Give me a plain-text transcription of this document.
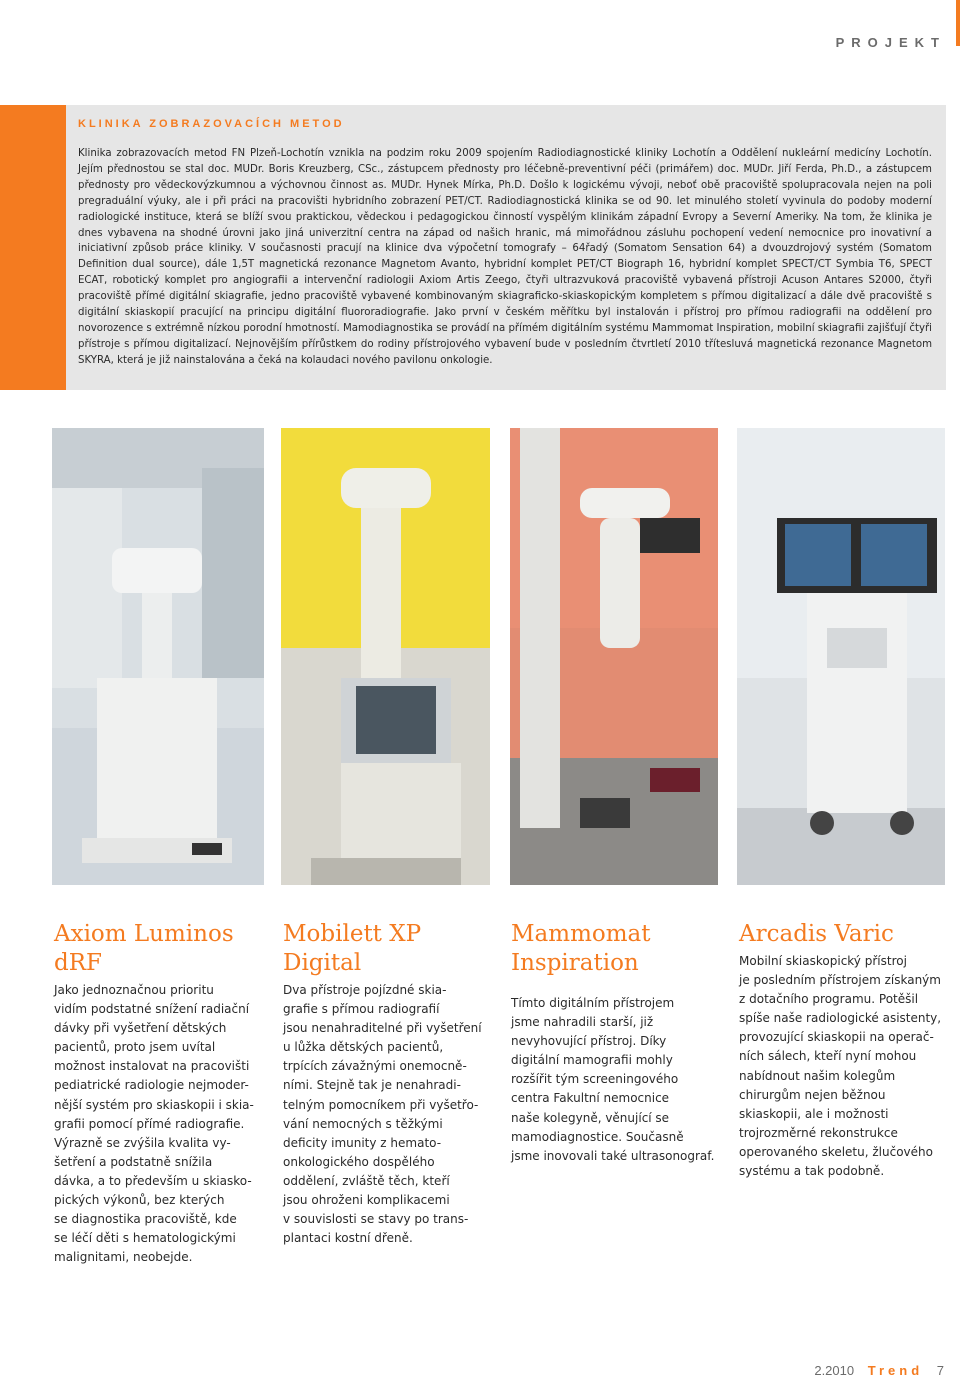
PROJEKT
KLINIKA ZOBRAZOVACÍCH METOD

Klinika zobrazovacích metod FN Plzeň-Lochotín vznikla na podzim roku 2009 spojením Radiodiagnostické kliniky Lochotín a Oddělení nukleární medicíny Lochotín. Jejím přednostou se stal doc. MUDr. Boris Kreuzberg, CSc., zástupcem přednosty pro léčebně-preventivní péči (primářem) doc. MUDr. Jiří Ferda, Ph.D., a zástupcem přednosty pro vědeckovýzkumnou a výchovnou činnost as. MUDr. Hynek Mírka, Ph.D. Došlo k logickému vývoji, neboť obě pracoviště spolupracovala nejen na poli pregraduální výuky, ale i při práci na pracovišti hybridního zobrazení PET/CT. Radiodiagnostická klinika se od 90. let minulého století vyvinula do podoby moderní radiologické instituce, která se blíží svou praktickou, vědeckou i pedagogickou činností vyspělým klinikám západní Evropy a Severní Ameriky. Na tom, že klinika je dnes vybavena na shodné úrovni jako jiná univerzitní centra na západ od našich hranic, má mimořádnou zásluhu pochopení vedení nemocnice pro inovativní a iniciativní způsob práce kliniky. V současnosti pracují na klinice dva výpočetní tomografy – 64řadý (Somatom Sensation 64) a dvouzdrojový systém (Somatom Definition dual source), dále 1,5T magnetická rezonance Magnetom Avanto, hybridní komplet PET/CT Biograph 16, hybridní komplet SPECT/CT Symbia T6, SPECT ECAT, robotický komplet pro angiografii a intervenční radiologii Axiom Artis Zeego, čtyři ultrazvuková pracoviště vybavená přístroji Acuson Antares S2000, čtyři pracoviště přímé digitální skiagrafie, jedno pracoviště vybavené kombinovaným skiagraficko-skiaskopickým kompletem s přímou digitalizací a dále dvě pracoviště s digitální skiaskopií pracující na principu digitální fluororadiografie. Jako první v českém měřítku byl instalován i přístroj pro přímou radiografii na oddělení pro novorozence s extrémně nízkou porodní hmotností. Mamodiagnostika se provádí na přímém digitálním systému Mammomat Inspiration, mobilní skiagrafii zajišťují čtyři přístroje s přímou digitalizací. Nejnovějším přírůstkem do rodiny přístrojového vybavení bude v posledním čtvrtletí 2010 třítesluvá magnetická rezonance Magnetom SKYRA, která je již nainstalována a čeká na kolaudaci nového pavilonu onkologie.

Axiom Luminos dRF

Jako jednoznačnou prioritu
vidím podstatné snížení radiační
dávky při vyšetření dětských
pacientů, proto jsem uvítal
možnost instalovat na pracovišti
pediatrické radiologie nejmoder-
nější systém pro skiaskopii i skia-
grafii pomocí přímé radiografie.
Výrazně se zvýšila kvalita vy-
šetření a podstatně snížila
dávka, a to především u skiasko-
pických výkonů, bez kterých
se diagnostika pracoviště, kde
se léčí děti s hematologickými
malignitami, neobejde.

Mobilett XP Digital

Dva přístroje pojízdné skia-
grafie s přímou radiografií
jsou nenahraditelné při vyšetření
u lůžka dětských pacientů,
trpících závažnými onemocně-
ními. Stejně tak je nenahradi-
telným pomocníkem při vyšetřo-
vání nemocných s těžkými
deficity imunity z hemato-
onkologického dospělého
oddělení, zvláště těch, kteří
jsou ohroženi komplikacemi
v souvislosti se stavy po trans-
plantaci kostní dřeně.

Mammomat Inspiration

Tímto digitálním přístrojem
jsme nahradili starší, již
nevyhovující přístroj. Díky
digitální mamografii mohly
rozšířit tým screeningového
centra Fakultní nemocnice
naše kolegyně, věnující se
mamodiagnostice. Současně
jsme inovovali také ultrasonograf.

Arcadis Varic

Mobilní skiaskopický přístroj
je posledním přístrojem získaným
z dotačního programu. Potěšil
spíše naše radiologické asistenty,
provozující skiaskopii na operač-
ních sálech, kteří nyní mohou
nabídnout našim kolegům
chirurgům nejen běžnou
skiaskopii, ale i možnosti
trojrozměrné rekonstrukce
operovaného skeletu, žlučového
systému a tak podobně.

2.2010 Trend 7
